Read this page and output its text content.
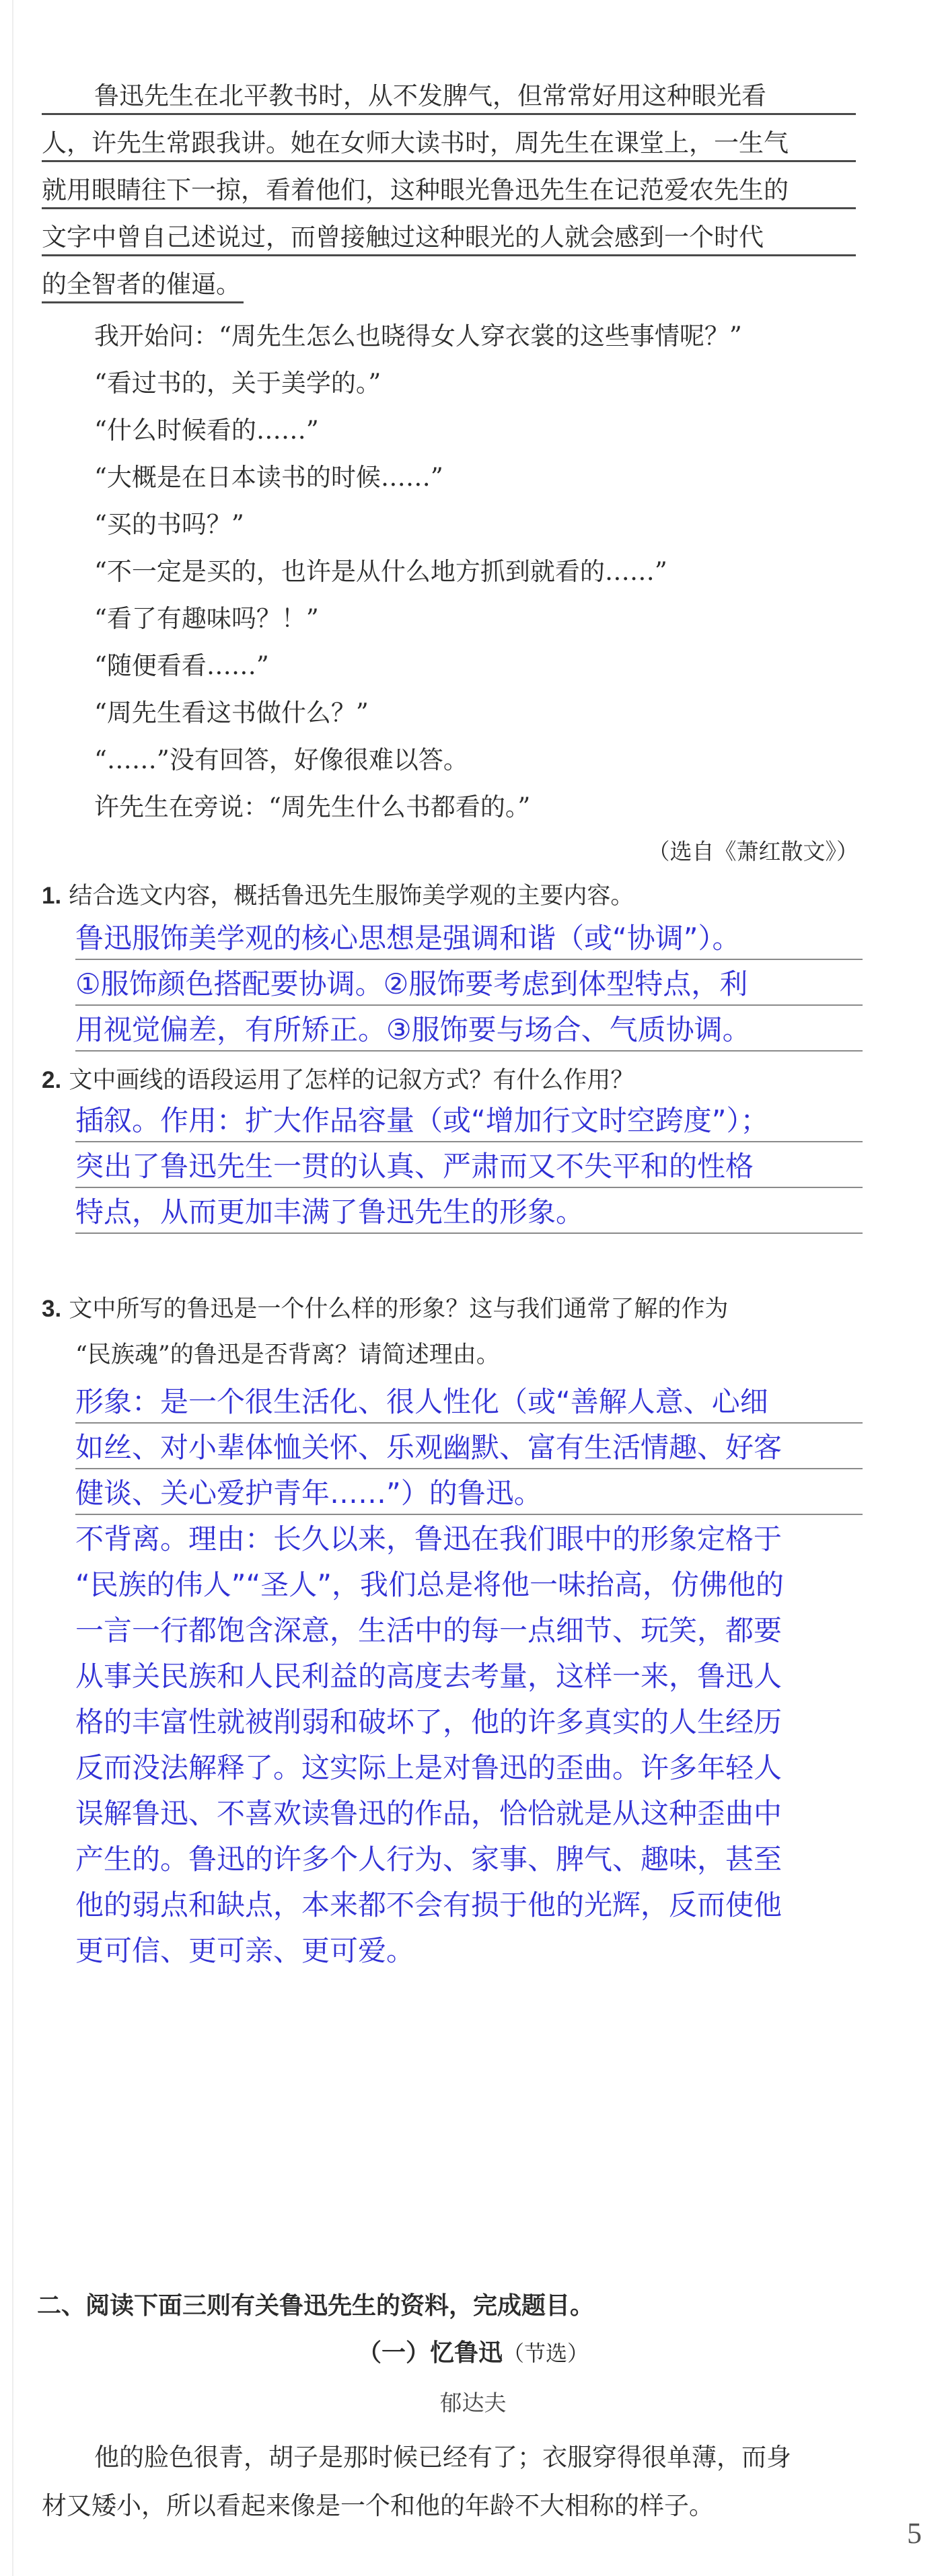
鲁迅先生在北平教书时，从不发脾气，但常常好用这种眼光看

人，许先生常跟我讲。她在女师大读书时，周先生在课堂上，一生气

就用眼睛往下一掠，看着他们，这种眼光鲁迅先生在记范爱农先生的

文字中曾自己述说过，而曾接触过这种眼光的人就会感到一个时代

的全智者的催逼。

我开始问：“周先生怎么也晓得女人穿衣裳的这些事情呢？”

“看过书的，关于美学的。”

“什么时候看的……”

“大概是在日本读书的时候……”

“买的书吗？”

“不一定是买的，也许是从什么地方抓到就看的……”

“看了有趣味吗？！”

“随便看看……”

“周先生看这书做什么？”

“……”没有回答，好像很难以答。

许先生在旁说：“周先生什么书都看的。”

（选自《萧红散文》）

1. 结合选文内容，概括鲁迅先生服饰美学观的主要内容。

鲁迅服饰美学观的核心思想是强调和谐（或“协调”）。

①服饰颜色搭配要协调。②服饰要考虑到体型特点，利

用视觉偏差，有所矫正。③服饰要与场合、气质协调。

2. 文中画线的语段运用了怎样的记叙方式？有什么作用？

插叙。作用：扩大作品容量（或“增加行文时空跨度”）；

突出了鲁迅先生一贯的认真、严肃而又不失平和的性格

特点，从而更加丰满了鲁迅先生的形象。

3. 文中所写的鲁迅是一个什么样的形象？这与我们通常了解的作为

“民族魂”的鲁迅是否背离？请简述理由。

形象：是一个很生活化、很人性化（或“善解人意、心细

如丝、对小辈体恤关怀、乐观幽默、富有生活情趣、好客

健谈、关心爱护青年……”）的鲁迅。

不背离。理由：长久以来，鲁迅在我们眼中的形象定格于

“民族的伟人”“圣人”，我们总是将他一味抬高，仿佛他的

一言一行都饱含深意，生活中的每一点细节、玩笑，都要

从事关民族和人民利益的高度去考量，这样一来，鲁迅人

格的丰富性就被削弱和破坏了，他的许多真实的人生经历

反而没法解释了。这实际上是对鲁迅的歪曲。许多年轻人

误解鲁迅、不喜欢读鲁迅的作品，恰恰就是从这种歪曲中

产生的。鲁迅的许多个人行为、家事、脾气、趣味，甚至

他的弱点和缺点，本来都不会有损于他的光辉，反而使他

更可信、更可亲、更可爱。

二、阅读下面三则有关鲁迅先生的资料，完成题目。

（一）忆鲁迅（节选）

郁达夫

他的脸色很青，胡子是那时候已经有了；衣服穿得很单薄，而身

材又矮小，所以看起来像是一个和他的年龄不大相称的样子。

5
